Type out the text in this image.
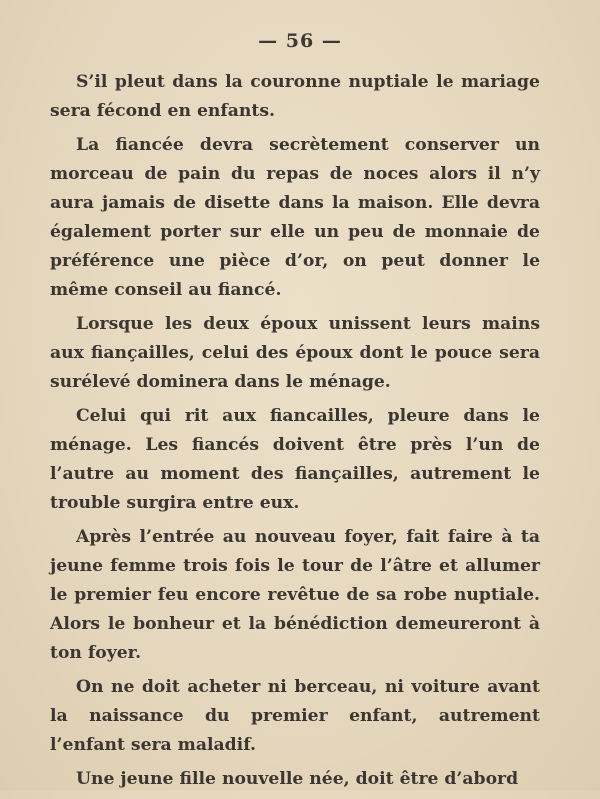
— 56 —

S’il pleut dans la couronne nuptiale le mariage sera fécond en enfants.

La fiancée devra secrètement conserver un morceau de pain du repas de noces alors il n’y aura jamais de disette dans la maison. Elle devra également porter sur elle un peu de monnaie de préférence une pièce d’or, on peut donner le même conseil au fiancé.

Lorsque les deux époux unissent leurs mains aux fiançailles, celui des époux dont le pouce sera surélevé dominera dans le ménage.

Celui qui rit aux fiancailles, pleure dans le ménage. Les fiancés doivent être près l’un de l’autre au moment des fiançailles, autrement le trouble surgira entre eux.

Après l’entrée au nouveau foyer, fait faire à ta jeune femme trois fois le tour de l’âtre et allumer le premier feu encore revêtue de sa robe nuptiale. Alors le bonheur et la bénédiction demeureront à ton foyer.

On ne doit acheter ni berceau, ni voiture avant la naissance du premier enfant, autrement l’enfant sera maladif.

Une jeune fille nouvelle née, doit être d’abord
